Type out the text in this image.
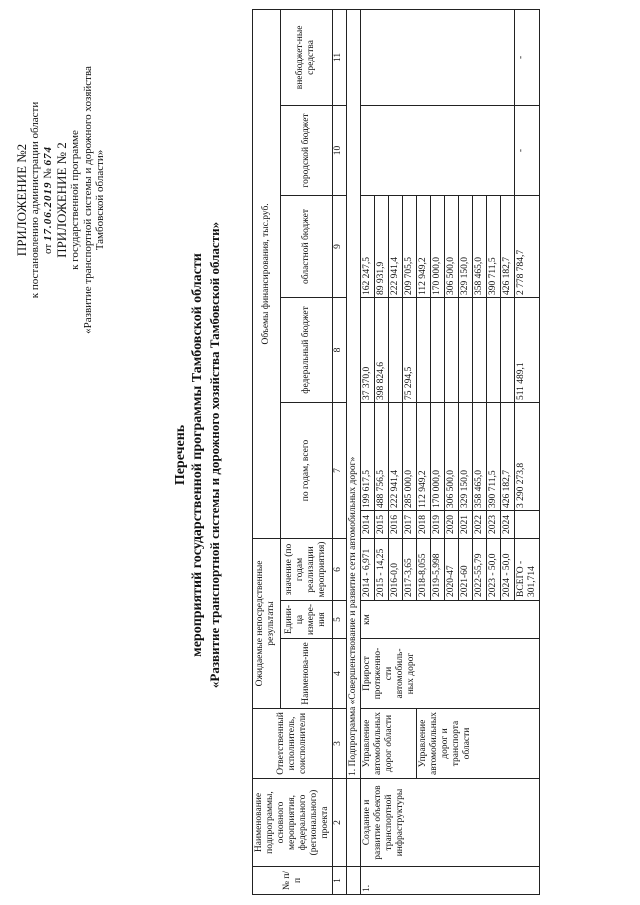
ПРИЛОЖЕНИЕ №2 к постановлению администрации области от 17.06.2019 № 674 ПРИЛОЖЕНИЕ № 2 к государственной программе «Развитие транспортной системы и дорожного хозяйства Тамбовской области»
Перечень мероприятий государственной программы Тамбовской области «Развитие транспортной системы и дорожного хозяйства Тамбовской области»
№ п/п	Наименование подпрограммы, основного мероприятия, федерального (регионального) проекта	Ответственный исполнитель, соисполнители	Ожидаемые непосредственные результаты			Объемы финансирования, тыс.руб.					
			Наименова-ние	Едини-ца измере-ния	значение (по годам реализации мероприятия)	по годам, всего		федеральный бюджет	областной бюджет	городской бюджет	внебюджет-ные средства
1	2	3	4	5	6	7		8	9	10	11
		1. Подпрограмма «Совершенствование и развитие сети автомобильных дорог»									
1.	Создание и развитие объектов транспортной инфраструктуры	Управление автомобильных дорог области	Прирост протяженно-сти автомобиль-ных дорог	км	2014 - 6,971	2014	199 617,5	37 370,0	162 247,5		
					2015 - 14,25	2015	488 756,5	398 824,6	89 931,9		
					2016-0,0	2016	222 941,4		222 941,4		
					2017-3,65	2017	285 000,0	75 294,5	209 705,5		
		Управление автомобильных дорог и транспорта области			2018-8,055	2018	112 949,2		112 949,2		
					2019-5,998	2019	170 000,0		170 000,0		
					2020-47	2020	306 500,0		306 500,0		
					2021-60	2021	329 150,0		329 150,0		
					2022-55,79	2022	358 465,0		358 465,0		
					2023 - 50,0	2023	390 711,5		390 711,5		
					2024 - 50,0	2024	426 182,7		426 182,7		
					ВСЕГО - 301,714		3 290 273,8	511 489,1	2 778 784,7	-	-
